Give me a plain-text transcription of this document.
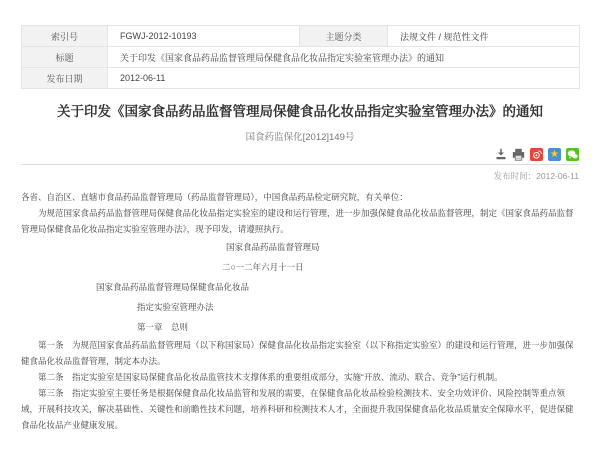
索引号	FGWJ-2012-10193	主题分类	法规文件 / 规范性文件
标题	关于印发《国家食品药品监督管理局保健食品化妆品指定实验室管理办法》的通知		
发布日期	2012-06-11		
关于印发《国家食品药品监督管理局保健食品化妆品指定实验室管理办法》的通知
国食药监保化[2012]149号
★
发布时间：2012-06-11

各省、自治区、直辖市食品药品监督管理局（药品监督管理局），中国食品药品检定研究院，有关单位：

为规范国家食品药品监督管理局保健食品化妆品指定实验室的建设和运行管理，进一步加强保健食品化妆品监督管理，制定《国家食品药品监督管理局保健食品化妆品指定实验室管理办法》，现予印发，请遵照执行。

国家食品药品监督管理局

二○一二年六月十一日

国家食品药品监督管理局保健食品化妆品

指定实验室管理办法

第一章　总则

第一条　为规范国家食品药品监督管理局（以下称国家局）保健食品化妆品指定实验室（以下称指定实验室）的建设和运行管理，进一步加强保健食品化妆品监督管理，制定本办法。

第二条　指定实验室是国家局保健食品化妆品监管技术支撑体系的重要组成部分，实施“开放、流动、联合、竞争”运行机制。

第三条　指定实验室主要任务是根据保健食品化妆品监管和发展的需要，在保健食品化妆品检验检测技术、安全功效评价、风险控制等重点领域，开展科技攻关，解决基础性、关键性和前瞻性技术问题，培养科研和检测技术人才，全面提升我国保健食品化妆品质量安全保障水平，促进保健食品化妆品产业健康发展。
